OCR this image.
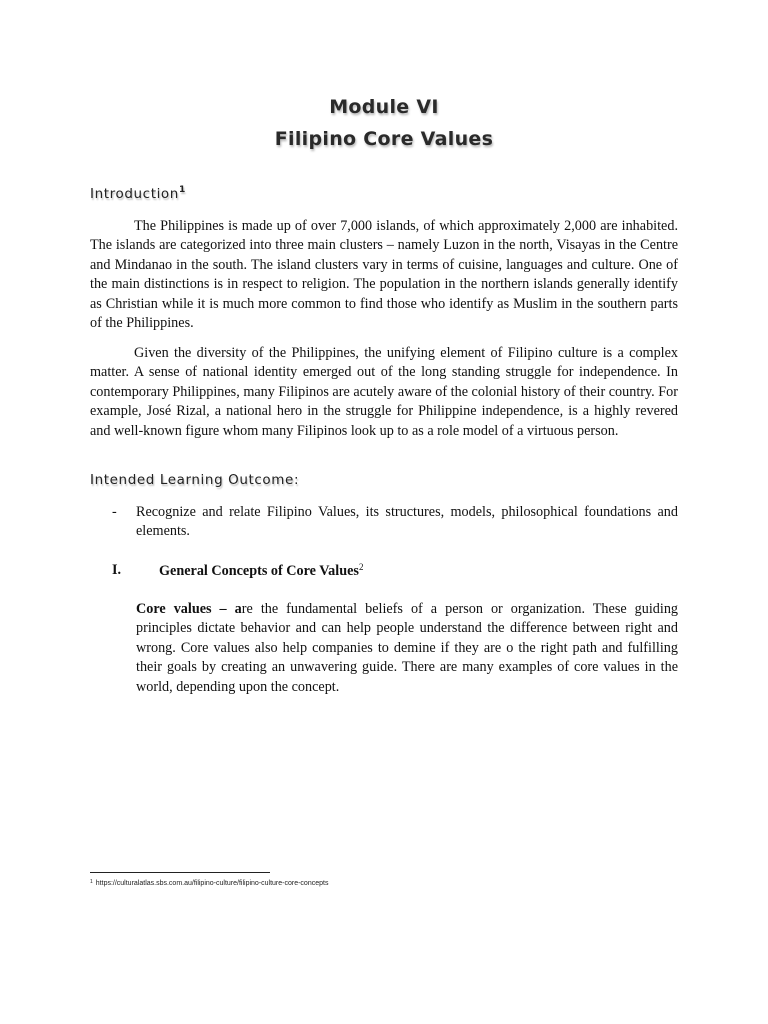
Module VI
Filipino Core Values
Introduction$^1$

The Philippines is made up of over 7,000 islands, of which approximately 2,000 are inhabited. The islands are categorized into three main clusters – namely Luzon in the north, Visayas in the Centre and Mindanao in the south. The island clusters vary in terms of cuisine, languages and culture. One of the main distinctions is in respect to religion. The population in the northern islands generally identify as Christian while it is much more common to find those who identify as Muslim in the southern parts of the Philippines.

Given the diversity of the Philippines, the unifying element of Filipino culture is a complex matter. A sense of national identity emerged out of the long standing struggle for independence. In contemporary Philippines, many Filipinos are acutely aware of the colonial history of their country. For example, José Rizal, a national hero in the struggle for Philippine independence, is a highly revered and well-known figure whom many Filipinos look up to as a role model of a virtuous person.

Intended Learning Outcome:
- Recognize and relate Filipino Values, its structures, models, philosophical foundations and elements.
I.	General Concepts of Core Values$^2$

Core values – are the fundamental beliefs of a person or organization. These guiding principles dictate behavior and can help people understand the difference between right and wrong. Core values also help companies to demine if they are o the right path and fulfilling their goals by creating an unwavering guide. There are many examples of core values in the world, depending upon the concept.

$^1$ https://culturalatlas.sbs.com.au/filipino-culture/filipino-culture-core-concepts
